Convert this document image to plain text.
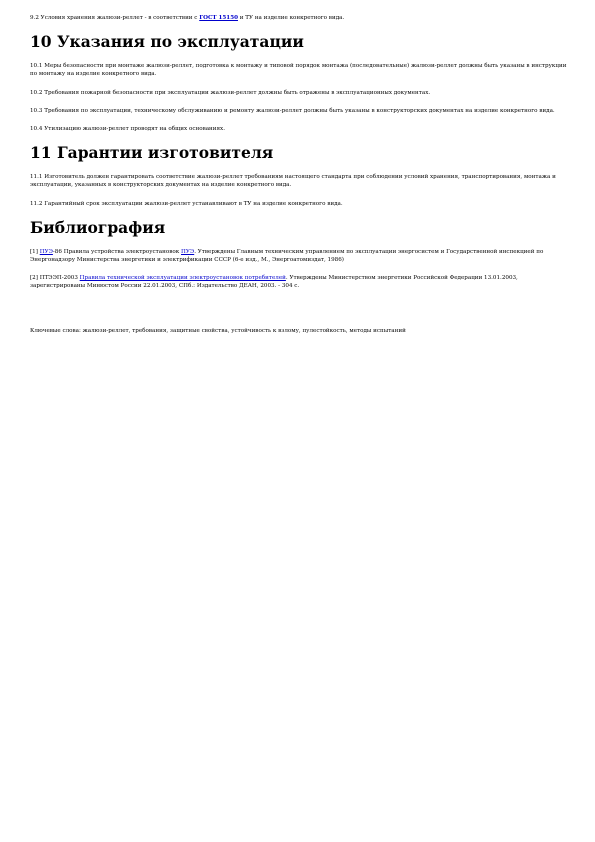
9.2 Условия хранения жалюзи-реллет - в соответствии с ГОСТ 15150 и ТУ на изделие конкретного вида.

10 Указания по эксплуатации

10.1 Меры безопасности при монтаже жалюзи-реллет, подготовка к монтажу и типовой порядок монтажа (последовательные) жалюзи-реллет должны быть указаны в инструкции по монтажу на изделие конкретного вида.

10.2 Требования пожарной безопасности при эксплуатации жалюзи-реллет должны быть отражены в эксплуатационных документах.

10.3 Требования по эксплуатации, техническому обслуживанию и ремонту жалюзи-реллет должны быть указаны в конструкторских документах на изделие конкретного вида.

10.4 Утилизацию жалюзи-реллет проводят на общих основаниях.

11 Гарантии изготовителя

11.1 Изготовитель должен гарантировать соответствие жалюзи-реллет требованиям настоящего стандарта при соблюдении условий хранения, транспортирования, монтажа и эксплуатации, указанных в конструкторских документах на изделие конкретного вида.

11.2 Гарантийный срок эксплуатации жалюзи-реллет устанавливают в ТУ на изделие конкретного вида.

Библиография

[1] ПУЭ-86 Правила устройства электроустановок ПУЭ. Утверждены Главным техническим управлением по эксплуатации энергосистем и Государственной инспекцией по Энергонадзору Министерства энергетики и электрификации СССР (6-е изд., М., Энергоатомиздат, 1986)

[2] ПТЭЭП-2003 Правила технической эксплуатации электроустановок потребителей. Утверждены Министерством энергетики Российской Федерации 13.01.2003, зарегистрированы Минюстом России 22.01.2003, СПб.: Издательство ДЕАН, 2003. - 304 с.

Ключевые слова: жалюзи-реллет, требования, защитные свойства, устойчивость к взлому, пулестойкость, методы испытаний
